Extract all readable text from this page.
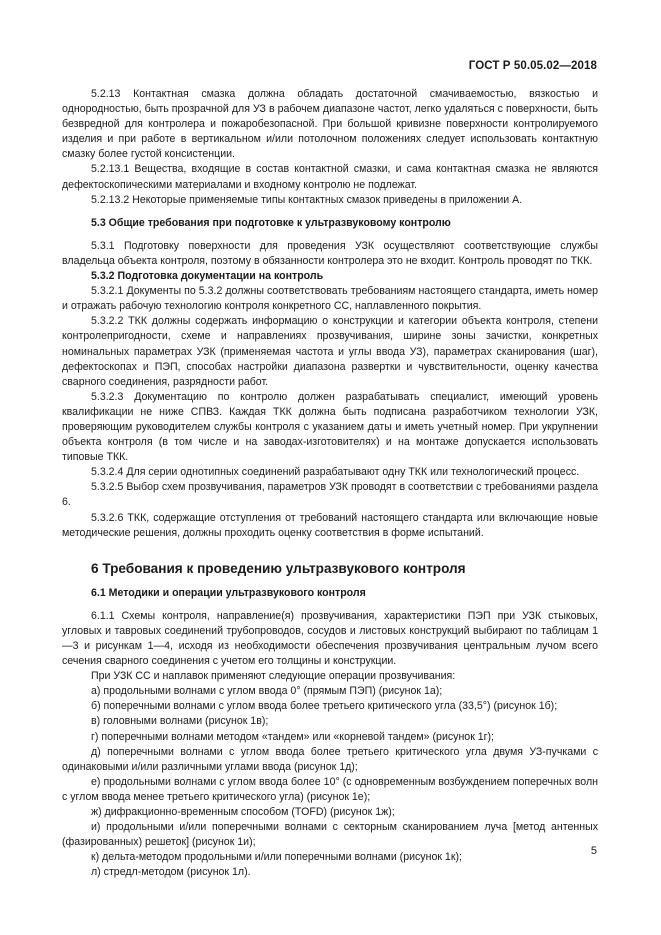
ГОСТ Р 50.05.02—2018

5.2.13 Контактная смазка должна обладать достаточной смачиваемостью, вязкостью и однородностью, быть прозрачной для УЗ в рабочем диапазоне частот, легко удаляться с поверхности, быть безвредной для контролера и пожаробезопасной. При большой кривизне поверхности контролируемого изделия и при работе в вертикальном и/или потолочном положениях следует использовать контактную смазку более густой консистенции.

5.2.13.1 Вещества, входящие в состав контактной смазки, и сама контактная смазка не являются дефектоскопическими материалами и входному контролю не подлежат.

5.2.13.2 Некоторые применяемые типы контактных смазок приведены в приложении А.

5.3 Общие требования при подготовке к ультразвуковому контролю

5.3.1 Подготовку поверхности для проведения УЗК осуществляют соответствующие службы владельца объекта контроля, поэтому в обязанности контролера это не входит. Контроль проводят по ТКК.

5.3.2 Подготовка документации на контроль

5.3.2.1 Документы по 5.3.2 должны соответствовать требованиям настоящего стандарта, иметь номер и отражать рабочую технологию контроля конкретного СС, наплавленного покрытия.

5.3.2.2 ТКК должны содержать информацию о конструкции и категории объекта контроля, степени контролепригодности, схеме и направлениях прозвучивания, ширине зоны зачистки, конкретных номинальных параметрах УЗК (применяемая частота и углы ввода УЗ), параметрах сканирования (шаг), дефектоскопах и ПЭП, способах настройки диапазона развертки и чувствительности, оценку качества сварного соединения, разрядности работ.

5.3.2.3 Документацию по контролю должен разрабатывать специалист, имеющий уровень квалификации не ниже СПВЗ. Каждая ТКК должна быть подписана разработчиком технологии УЗК, проверяющим руководителем службы контроля с указанием даты и иметь учетный номер. При укрупнении объекта контроля (в том числе и на заводах-изготовителях) и на монтаже допускается использовать типовые ТКК.

5.3.2.4 Для серии однотипных соединений разрабатывают одну ТКК или технологический процесс.

5.3.2.5 Выбор схем прозвучивания, параметров УЗК проводят в соответствии с требованиями раздела 6.

5.3.2.6 ТКК, содержащие отступления от требований настоящего стандарта или включающие новые методические решения, должны проходить оценку соответствия в форме испытаний.

6 Требования к проведению ультразвукового контроля

6.1 Методики и операции ультразвукового контроля

6.1.1 Схемы контроля, направление(я) прозвучивания, характеристики ПЭП при УЗК стыковых, угловых и тавровых соединений трубопроводов, сосудов и листовых конструкций выбирают по таблицам 1—3 и рисункам 1—4, исходя из необходимости обеспечения прозвучивания центральным лучом всего сечения сварного соединения с учетом его толщины и конструкции.

При УЗК СС и наплавок применяют следующие операции прозвучивания:

а) продольными волнами с углом ввода 0° (прямым ПЭП) (рисунок 1а);

б) поперечными волнами с углом ввода более третьего критического угла (33,5°) (рисунок 1б);

в) головными волнами (рисунок 1в);

г) поперечными волнами методом «тандем» или «корневой тандем» (рисунок 1г);

д) поперечными волнами с углом ввода более третьего критического угла двумя УЗ-пучками с одинаковыми и/или различными углами ввода (рисунок 1д);

е) продольными волнами с углом ввода более 10° (с одновременным возбуждением поперечных волн с углом ввода менее третьего критического угла) (рисунок 1е);

ж) дифракционно-временным способом (TOFD) (рисунок 1ж);

и) продольными и/или поперечными волнами с секторным сканированием луча [метод антенных (фазированных) решеток] (рисунок 1и);

к) дельта-методом продольными и/или поперечными волнами (рисунок 1к);

л) стредл-методом (рисунок 1л).

5
